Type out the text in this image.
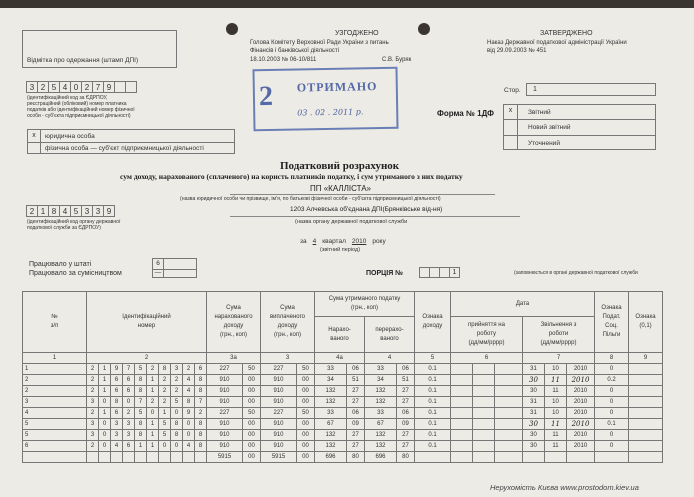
Відмітка про одержання (штамп ДПІ)
УЗГОДЖЕНО
Голова Комітету Верховної Ради України з питань
Фінансів і банківської діяльності
18.10.2003 № 06-10/811	С.В. Буряк
ЗАТВЕРДЖЕНО
Наказ Державної податкової адміністрації України
від 29.09.2003 № 451
2 ОТРИМАНО
03 . 02 . 2011 р.
3 2 5 4 0 2 7 9
(ідентифікаційний код за ЄДРПОУ,
реєстраційний (обліковий) номер платника
податків або ідентифікаційний номер фізичної
особи - суб'єкта підприємницької діяльності)
х	юридична особа
фізична особа — суб'єкт підприємницької діяльності
Стор. 1
Форма № 1ДФ	х	Звітний
Новий звітний
Уточнений
Податковий розрахунок
сум доходу, нарахованого (сплаченого) на користь платників податку, і сум утриманого з них податку
ПП «КАЛЛІСТА»
(назва юридичної особи чи прізвище, ім'я, по батькові фізичної особи - суб'єкта підприємницької діяльності)
1203 Алчевська об'єднана ДПІ(Брянківське від-ня)
(назва органу державної податкової служби
2 1 8 4 5 3 3 9
(ідентифікаційний код органу державної
податкової служби за ЄДРПОУ)
за 4 квартал 2010 року
(звітний період)
Працювало у штаті
Працювало за сумісництвом
6
—	ПОРЦІЯ №	1	(заповнюється в органі державної податкової служби
№
з/п	Ідентифікаційний
номер										Сума
нарахованого
доходу
(грн., коп)		Сума
виплаченого
доходу
(грн., коп)		Сума утриманого податку
(грн., коп)				Ознака
доходу	Дата						Ознака
Подат.
Соц.
Пільги	Ознака
(0,1)
															Нарахо-
ваного		перерахо-
ваного			прийняття на
роботу
(дд/мм/рррр)			Звільнення з
роботи
(дд/мм/рррр)				
1	2										3а		3		4а		4		5	6			7			8	9
1	2	1	9	7	5	2	8	3	2	6	227	50	227	50	33	06	33	06	0.1				31	10	2010	0	
2	2	1	6	6	8	1	2	2	4	8	910	00	910	00	34	51	34	51	0.1				30	11	2010	0.2	
2	2	1	6	6	8	1	2	2	4	8	910	00	910	00	132	27	132	27	0.1				30	11	2010	0	
3	3	0	8	0	7	2	2	5	8	7	910	00	910	00	132	27	132	27	0.1				31	10	2010	0	
4	2	1	6	2	5	0	1	0	9	2	227	50	227	50	33	06	33	06	0.1				31	10	2010	0	
5	3	0	3	3	8	1	5	8	0	8	910	00	910	00	67	09	67	09	0.1				30	11	2010	0.1	
5	3	0	3	3	8	1	5	8	0	8	910	00	910	00	132	27	132	27	0.1				30	11	2010	0	
6	2	0	4	6	1	1	0	0	4	8	910	00	910	00	132	27	132	27	0.1				30	11	2010	0	
											5915	00	5915	00	696	80	696	80									
Нерухомість Києва www.prostodom.kiev.ua
